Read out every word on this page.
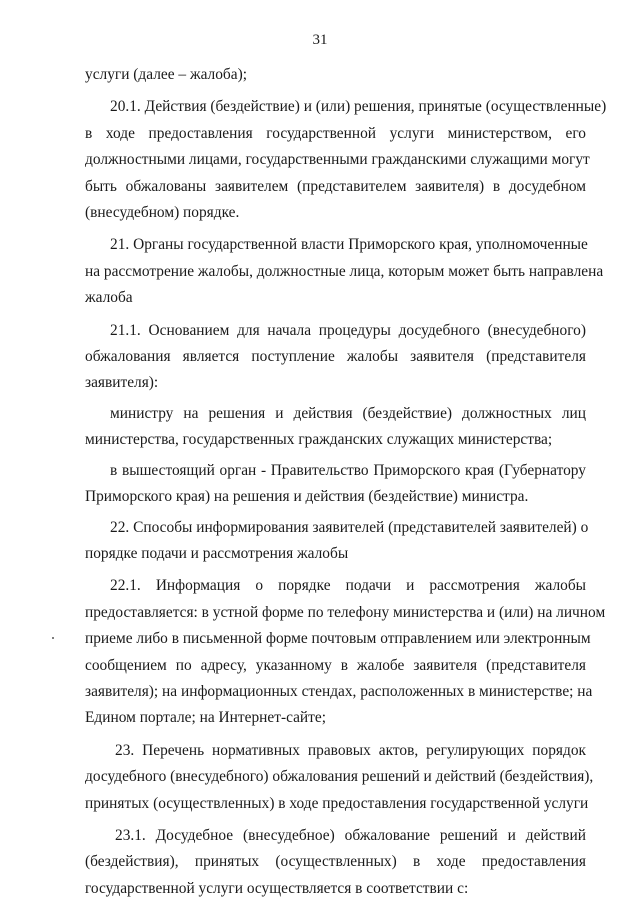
31
услуги (далее – жалоба);
20.1. Действия (бездействие) и (или) решения, принятые (осуществленные)
в ходе предоставления государственной услуги министерством, его
должностными лицами, государственными гражданскими служащими могут
быть обжалованы заявителем (представителем заявителя) в досудебном
(внесудебном) порядке.
21. Органы государственной власти Приморского края, уполномоченные
на рассмотрение жалобы, должностные лица, которым может быть направлена
жалоба
21.1. Основанием для начала процедуры досудебного (внесудебного)
обжалования является поступление жалобы заявителя (представителя
заявителя):
министру на решения и действия (бездействие) должностных лиц
министерства, государственных гражданских служащих министерства;
в вышестоящий орган - Правительство Приморского края (Губернатору
Приморского края) на решения и действия (бездействие) министра.
22. Способы информирования заявителей (представителей заявителей) о
порядке подачи и рассмотрения жалобы
22.1. Информация о порядке подачи и рассмотрения жалобы
предоставляется: в устной форме по телефону министерства и (или) на личном
приеме либо в письменной форме почтовым отправлением или электронным
сообщением по адресу, указанному в жалобе заявителя (представителя
заявителя); на информационных стендах, расположенных в министерстве; на
Едином портале; на Интернет-сайте;
23. Перечень нормативных правовых актов, регулирующих порядок
досудебного (внесудебного) обжалования решений и действий (бездействия),
принятых (осуществленных) в ходе предоставления государственной услуги
23.1. Досудебное (внесудебное) обжалование решений и действий
(бездействия), принятых (осуществленных) в ходе предоставления
государственной услуги осуществляется в соответствии с:
